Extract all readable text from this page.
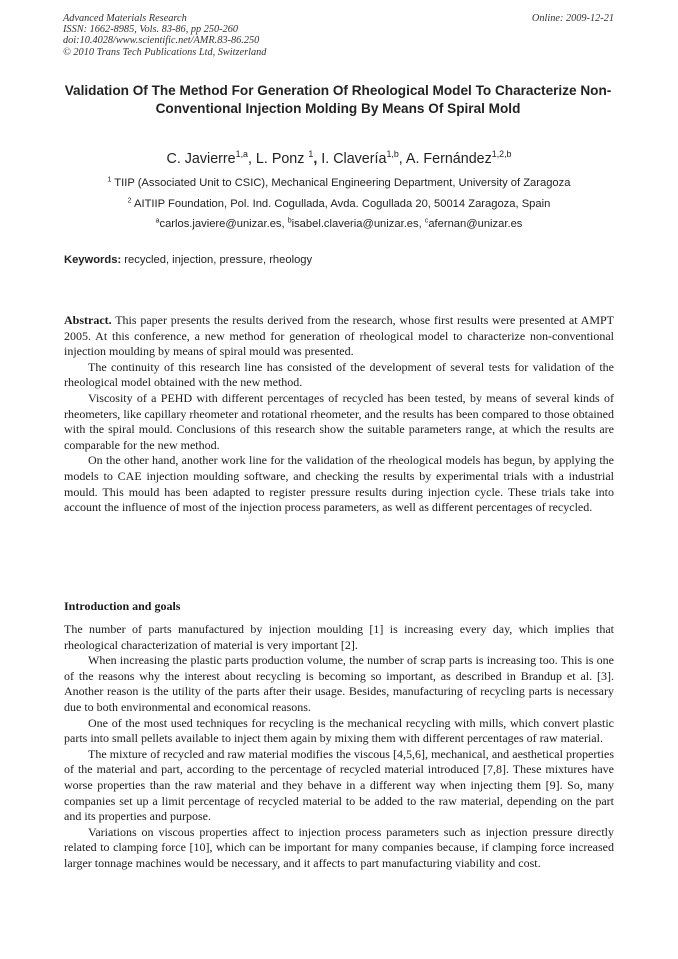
Advanced Materials Research
ISSN: 1662-8985, Vols. 83-86, pp 250-260
doi:10.4028/www.scientific.net/AMR.83-86.250
© 2010 Trans Tech Publications Ltd, Switzerland
Online: 2009-12-21
Validation Of The Method For Generation Of Rheological Model To Characterize Non-Conventional Injection Molding By Means Of Spiral Mold
C. Javierre$^{1,a}$, L. Ponz $^1$, I. Clavería$^{1,b}$, A. Fernández$^{1,2,b}$
$^1$ TIIP (Associated Unit to CSIC), Mechanical Engineering Department, University of Zaragoza
$^2$ AITIIP Foundation, Pol. Ind. Cogullada, Avda. Cogullada 20, 50014 Zaragoza, Spain
$^a$carlos.javiere@unizar.es, $^b$isabel.claveria@unizar.es, $^c$afernan@unizar.es
Keywords: recycled, injection, pressure, rheology

Abstract. This paper presents the results derived from the research, whose first results were presented at AMPT 2005. At this conference, a new method for generation of rheological model to characterize non-conventional injection moulding by means of spiral mould was presented.

The continuity of this research line has consisted of the development of several tests for validation of the rheological model obtained with the new method.

Viscosity of a PEHD with different percentages of recycled has been tested, by means of several kinds of rheometers, like capillary rheometer and rotational rheometer, and the results has been compared to those obtained with the spiral mould. Conclusions of this research show the suitable parameters range, at which the results are comparable for the new method.

On the other hand, another work line for the validation of the rheological models has begun, by applying the models to CAE injection moulding software, and checking the results by experimental trials with a industrial mould. This mould has been adapted to register pressure results during injection cycle. These trials take into account the influence of most of the injection process parameters, as well as different percentages of recycled.

Introduction and goals

The number of parts manufactured by injection moulding [1] is increasing every day, which implies that rheological characterization of material is very important [2].

When increasing the plastic parts production volume, the number of scrap parts is increasing too. This is one of the reasons why the interest about recycling is becoming so important, as described in Brandup et al. [3]. Another reason is the utility of the parts after their usage. Besides, manufacturing of recycling parts is necessary due to both environmental and economical reasons.

One of the most used techniques for recycling is the mechanical recycling with mills, which convert plastic parts into small pellets available to inject them again by mixing them with different percentages of raw material.

The mixture of recycled and raw material modifies the viscous [4,5,6], mechanical, and aesthetical properties of the material and part, according to the percentage of recycled material introduced [7,8]. These mixtures have worse properties than the raw material and they behave in a different way when injecting them [9]. So, many companies set up a limit percentage of recycled material to be added to the raw material, depending on the part and its properties and purpose.

Variations on viscous properties affect to injection process parameters such as injection pressure directly related to clamping force [10], which can be important for many companies because, if clamping force increased larger tonnage machines would be necessary, and it affects to part manufacturing viability and cost.
